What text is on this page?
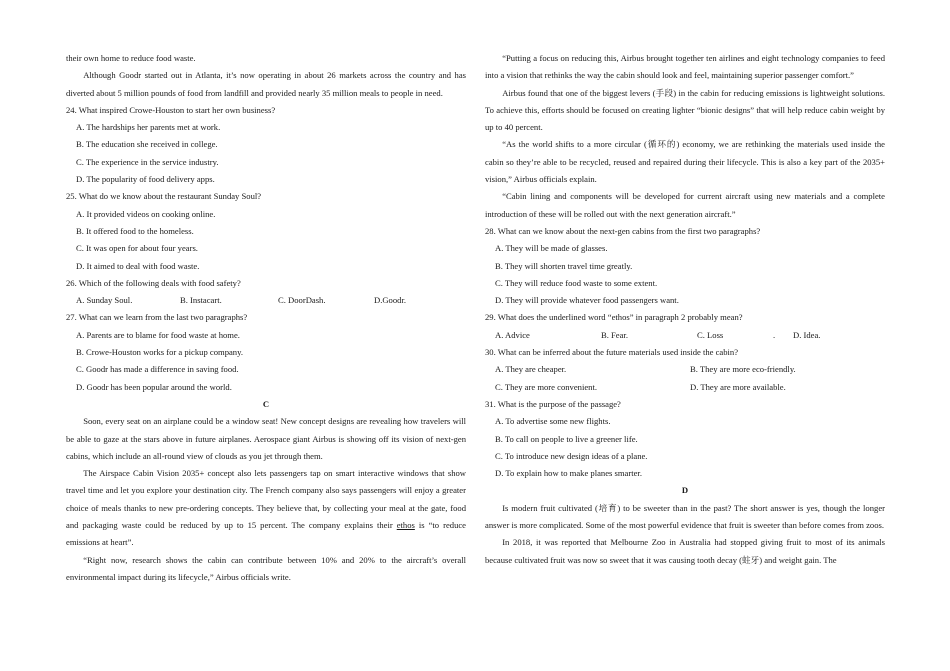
their own home to reduce food waste.

Although Goodr started out in Atlanta, it’s now operating in about 26 markets across the country and has diverted about 5 million pounds of food from landfill and provided nearly 35 million meals to people in need.

24. What inspired Crowe-Houston to start her own business?

A. The hardships her parents met at work.

B. The education she received in college.

C. The experience in the service industry.

D. The popularity of food delivery apps.

25. What do we know about the restaurant Sunday Soul?

A. It provided videos on cooking online.

B. It offered food to the homeless.

C. It was open for about four years.

D. It aimed to deal with food waste.

26. Which of the following deals with food safety?

A. Sunday Soul.	B. Instacart.	C. DoorDash.	D.Goodr.

27. What can we learn from the last two paragraphs?

A. Parents are to blame for food waste at home.

B. Crowe-Houston works for a pickup company.

C. Goodr has made a difference in saving food.

D. Goodr has been popular around the world.

C

Soon, every seat on an airplane could be a window seat! New concept designs are revealing how travelers will be able to gaze at the stars above in future airplanes. Aerospace giant Airbus is showing off its vision of next-gen cabins, which include an all-round view of clouds as you jet through them.

The Airspace Cabin Vision 2035+ concept also lets passengers tap on smart interactive windows that show travel time and let you explore your destination city. The French company also says passengers will enjoy a greater choice of meals thanks to new pre-ordering concepts. They believe that, by collecting your meal at the gate, food and packaging waste could be reduced by up to 15 percent. The company explains their ethos is “to reduce emissions at heart”.

“Right now, research shows the cabin can contribute between 10% and 20% to the aircraft’s overall environmental impact during its lifecycle,” Airbus officials write.

“Putting a focus on reducing this, Airbus brought together ten airlines and eight technology companies to feed into a vision that rethinks the way the cabin should look and feel, maintaining superior passenger comfort.”

Airbus found that one of the biggest levers (手段) in the cabin for reducing emissions is lightweight solutions. To achieve this, efforts should be focused on creating lighter “bionic designs” that will help reduce cabin weight by up to 40 percent.

“As the world shifts to a more circular (循环的) economy, we are rethinking the materials used inside the cabin so they’re able to be recycled, reused and repaired during their lifecycle. This is also a key part of the 2035+ vision,” Airbus officials explain.

“Cabin lining and components will be developed for current aircraft using new materials and a complete introduction of these will be rolled out with the next generation aircraft.”

28. What can we know about the next-gen cabins from the first two paragraphs?

A. They will be made of glasses.

B. They will shorten travel time greatly.

C. They will reduce food waste to some extent.

D. They will provide whatever food passengers want.

29. What does the underlined word “ethos” in paragraph 2 probably mean?

A. Advice	B. Fear.	C. Loss	.	D. Idea.

30. What can be inferred about the future materials used inside the cabin?

A. They are cheaper.	B. They are more eco-friendly.
C. They are more convenient.	D. They are more available.

31. What is the purpose of the passage?

A. To advertise some new flights.

B. To call on people to live a greener life.

C. To introduce new design ideas of a plane.

D. To explain how to make planes smarter.

D

Is modern fruit cultivated (培育) to be sweeter than in the past? The short answer is yes, though the longer answer is more complicated. Some of the most powerful evidence that fruit is sweeter than before comes from zoos.

In 2018, it was reported that Melbourne Zoo in Australia had stopped giving fruit to most of its animals because cultivated fruit was now so sweet that it was causing tooth decay (蛀牙) and weight gain. The
